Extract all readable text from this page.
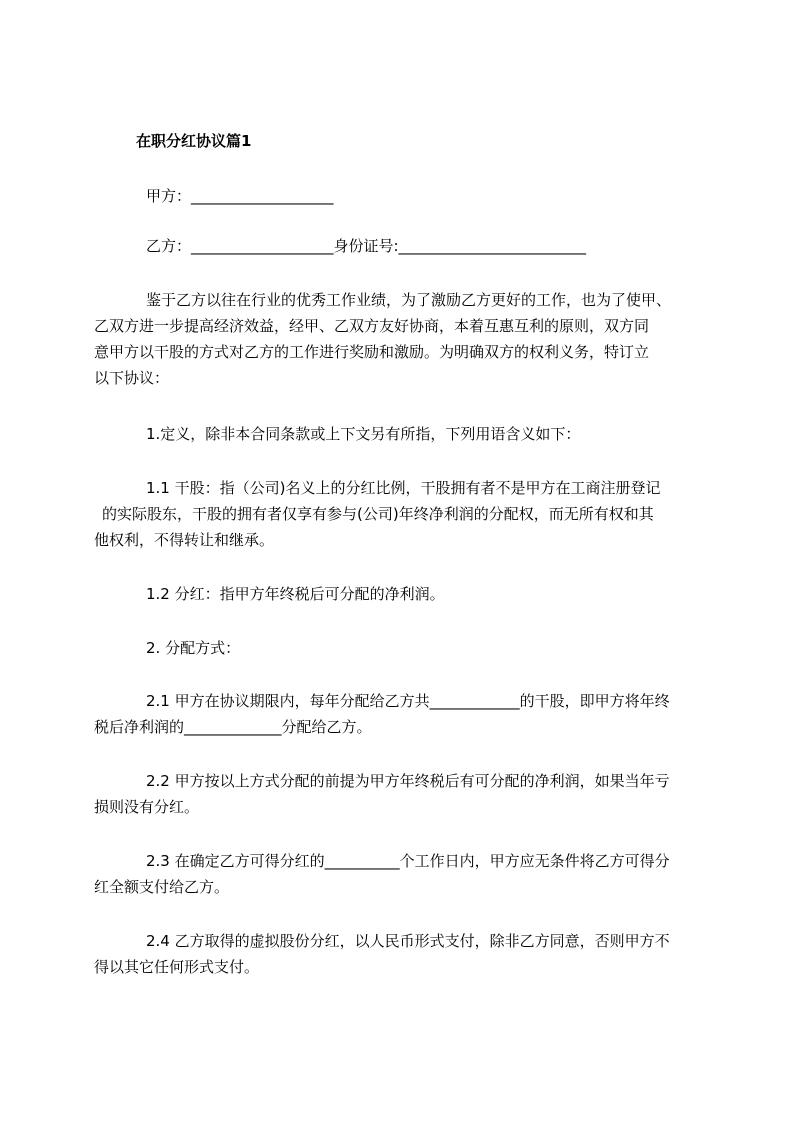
在职分红协议篇1
甲方：___________________
乙方：___________________身份证号:_________________________
鉴于乙方以往在行业的优秀工作业绩，为了激励乙方更好的工作，也为了使甲、
乙双方进一步提高经济效益，经甲、乙双方友好协商，本着互惠互利的原则，双方同
意甲方以干股的方式对乙方的工作进行奖励和激励。为明确双方的权利义务，特订立
以下协议：
1.定义，除非本合同条款或上下文另有所指，下列用语含义如下：
1.1 干股：指（公司)名义上的分红比例，干股拥有者不是甲方在工商注册登记
的实际股东，干股的拥有者仅享有参与(公司)年终净利润的分配权，而无所有权和其
他权利，不得转让和继承。
1.2 分红：指甲方年终税后可分配的净利润。
2. 分配方式：
2.1 甲方在协议期限内，每年分配给乙方共____________的干股，即甲方将年终
税后净利润的_____________分配给乙方。
2.2 甲方按以上方式分配的前提为甲方年终税后有可分配的净利润，如果当年亏
损则没有分红。
2.3 在确定乙方可得分红的__________个工作日内，甲方应无条件将乙方可得分
红全额支付给乙方。
2.4 乙方取得的虚拟股份分红，以人民币形式支付，除非乙方同意，否则甲方不
得以其它任何形式支付。
